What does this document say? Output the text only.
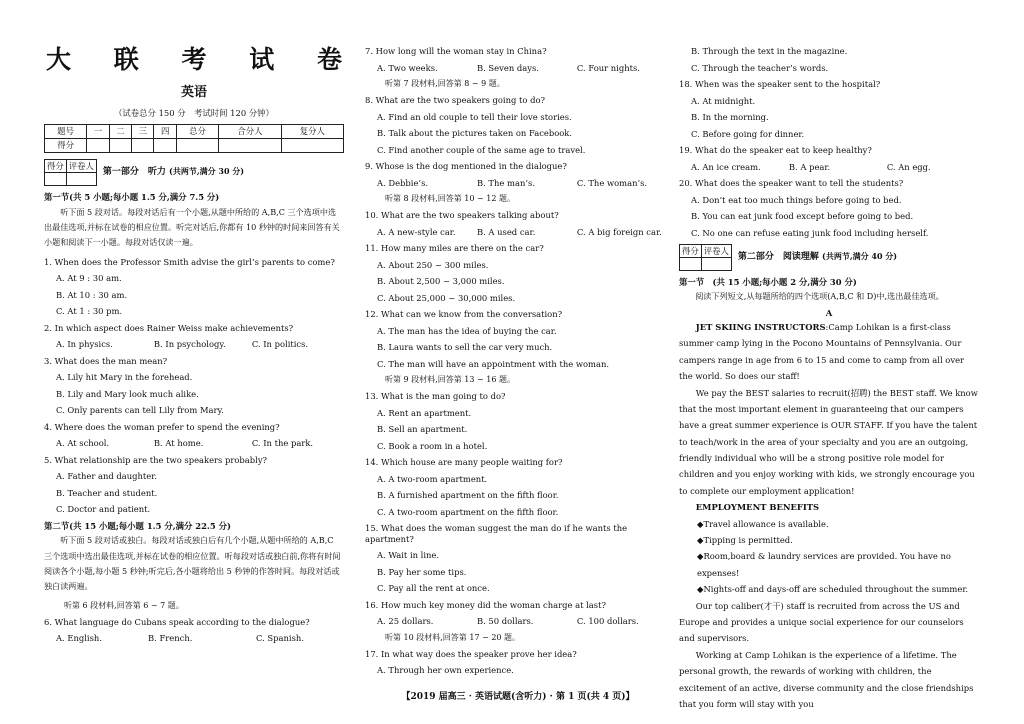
大 联 考 试 卷
英语
（试卷总分 150 分　考试时间 120 分钟）
题号	一	二	三	四	总分	合分人	复分人
得分							
得分	评卷人

第一部分　听力 (共两节,满分 30 分)
第一节(共 5 小题;每小题 1.5 分,满分 7.5 分)
听下面 5 段对话。每段对话后有一个小题,从题中所给的 A,B,C 三个选项中选出最佳选项,并标在试卷的相应位置。听完对话后,你都有 10 秒钟的时间来回答有关小题和阅读下一小题。每段对话仅读一遍。
1. When does the Professor Smith advise the girl’s parents to come?
A. At 9 : 30 am.
B. At 10 : 30 am.
C. At 1 : 30 pm.
2. In which aspect does Rainer Weiss make achievements?
A. In physics.	B. In psychology.	C. In politics.
3. What does the man mean?
A. Lily hit Mary in the forehead.
B. Lily and Mary look much alike.
C. Only parents can tell Lily from Mary.
4. Where does the woman prefer to spend the evening?
A. At school.	B. At home.	C. In the park.
5. What relationship are the two speakers probably?
A. Father and daughter.
B. Teacher and student.
C. Doctor and patient.
第二节(共 15 小题;每小题 1.5 分,满分 22.5 分)
听下面 5 段对话或独白。每段对话或独白后有几个小题,从题中所给的 A,B,C 三个选项中选出最佳选项,并标在试卷的相应位置。听每段对话或独白前,你将有时间阅读各个小题,每小题 5 秒钟;听完后,各小题将给出 5 秒钟的作答时间。每段对话或独白读两遍。
听第 6 段材料,回答第 6 ~ 7 题。
6. What language do Cubans speak according to the dialogue?
A. English.	B. French.	C. Spanish.
7. How long will the woman stay in China?
A. Two weeks.	B. Seven days.	C. Four nights.
听第 7 段材料,回答第 8 ~ 9 题。
8. What are the two speakers going to do?
A. Find an old couple to tell their love stories.
B. Talk about the pictures taken on Facebook.
C. Find another couple of the same age to travel.
9. Whose is the dog mentioned in the dialogue?
A. Debbie’s.	B. The man’s.	C. The woman’s.
听第 8 段材料,回答第 10 ~ 12 题。
10. What are the two speakers talking about?
A. A new-style car.	B. A used car.	C. A big foreign car.
11. How many miles are there on the car?
A. About 250 ~ 300 miles.
B. About 2,500 ~ 3,000 miles.
C. About 25,000 ~ 30,000 miles.
12. What can we know from the conversation?
A. The man has the idea of buying the car.
B. Laura wants to sell the car very much.
C. The man will have an appointment with the woman.
听第 9 段材料,回答第 13 ~ 16 题。
13. What is the man going to do?
A. Rent an apartment.
B. Sell an apartment.
C. Book a room in a hotel.
14. Which house are many people waiting for?
A. A two-room apartment.
B. A furnished apartment on the fifth floor.
C. A two-room apartment on the fifth floor.
15. What does the woman suggest the man do if he wants the apartment?
A. Wait in line.
B. Pay her some tips.
C. Pay all the rent at once.
16. How much key money did the woman charge at last?
A. 25 dollars.	B. 50 dollars.	C. 100 dollars.
听第 10 段材料,回答第 17 ~ 20 题。
17. In what way does the speaker prove her idea?
A. Through her own experience.
B. Through the text in the magazine.
C. Through the teacher’s words.
18. When was the speaker sent to the hospital?
A. At midnight.
B. In the morning.
C. Before going for dinner.
19. What do the speaker eat to keep healthy?
A. An ice cream.	B. A pear.	C. An egg.
20. What does the speaker want to tell the students?
A. Don’t eat too much things before going to bed.
B. You can eat junk food except before going to bed.
C. No one can refuse eating junk food including herself.
得分	评卷人

第二部分　阅读理解 (共两节,满分 40 分)
第一节　(共 15 小题;每小题 2 分,满分 30 分)
阅读下列短文,从每题所给的四个选项(A,B,C 和 D)中,选出最佳选项。
A
JET SKIING INSTRUCTORS:Camp Lohikan is a first-class summer camp lying in the Pocono Mountains of Pennsylvania. Our campers range in age from 6 to 15 and come to camp from all over the world. So does our staff!
We pay the BEST salaries to recruit(招聘) the BEST staff. We know that the most important element in guaranteeing that our campers have a great summer experience is OUR STAFF. If you have the talent to teach/work in the area of your specialty and you are an outgoing, friendly individual who will be a strong positive role model for children and you enjoy working with kids, we strongly encourage you to complete our employment application!
EMPLOYMENT BENEFITS
◆Travel allowance is available.
◆Tipping is permitted.
◆Room,board & laundry services are provided. You have no expenses!
◆Nights-off and days-off are scheduled throughout the summer.
Our top caliber(才干) staff is recruited from across the US and Europe and provides a unique social experience for our counselors and supervisors.
Working at Camp Lohikan is the experience of a lifetime. The personal growth, the rewards of working with children, the excitement of an active, diverse community and the close friendships that you form will stay with you
【2019 届高三 · 英语试题(含听力) · 第 1 页(共 4 页)】
